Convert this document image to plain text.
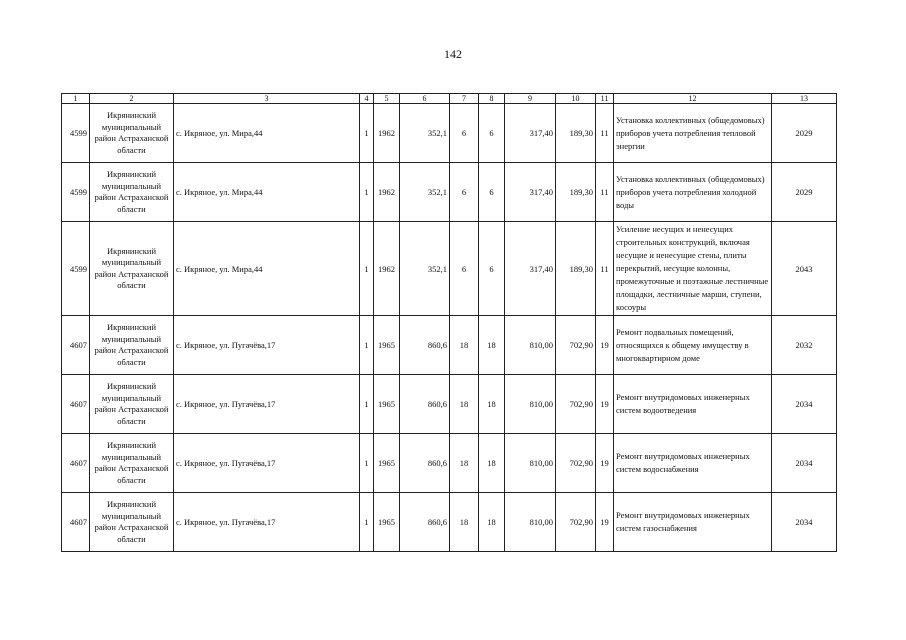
142
1	2	3	4	5	6	7	8	9	10	11	12	13
4599	Икрянинский муниципальный район Астраханской области	с. Икряное, ул. Мира,44	1	1962	352,1	6	6	317,40	189,30	11	Установка коллективных (общедомовых) приборов учета потребления тепловой энергии	2029
4599	Икрянинский муниципальный район Астраханской области	с. Икряное, ул. Мира,44	1	1962	352,1	6	6	317,40	189,30	11	Установка коллективных (общедомовых) приборов учета потребления холодной воды	2029
4599	Икрянинский муниципальный район Астраханской области	с. Икряное, ул. Мира,44	1	1962	352,1	6	6	317,40	189,30	11	Усиление несущих и ненесущих строительных конструкций, включая несущие и ненесущие стены, плиты перекрытий, несущие колонны, промежуточные и поэтажные лестничные площадки, лестничные марши, ступени, косоуры	2043
4607	Икрянинский муниципальный район Астраханской области	с. Икряное, ул. Пугачёва,17	1	1965	860,6	18	18	810,00	702,90	19	Ремонт подвальных помещений, относящихся к общему имуществу в многоквартирном доме	2032
4607	Икрянинский муниципальный район Астраханской области	с. Икряное, ул. Пугачёва,17	1	1965	860,6	18	18	810,00	702,90	19	Ремонт внутридомовых инженерных систем водоотведения	2034
4607	Икрянинский муниципальный район Астраханской области	с. Икряное, ул. Пугачёва,17	1	1965	860,6	18	18	810,00	702,90	19	Ремонт внутридомовых инженерных систем водоснабжения	2034
4607	Икрянинский муниципальный район Астраханской области	с. Икряное, ул. Пугачёва,17	1	1965	860,6	18	18	810,00	702,90	19	Ремонт внутридомовых инженерных систем газоснабжения	2034
